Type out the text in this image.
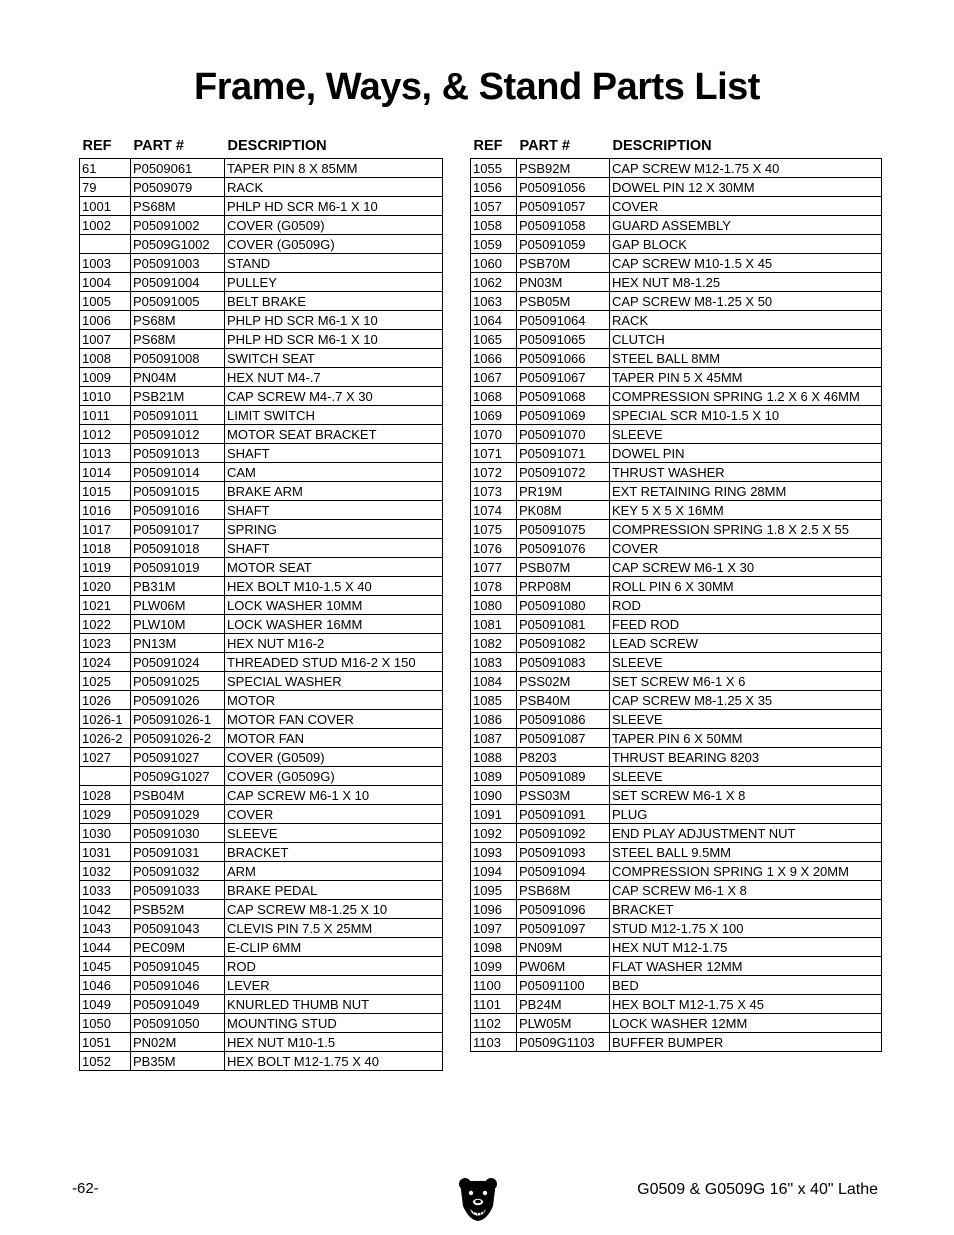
Frame, Ways, & Stand Parts List
REF	PART #	DESCRIPTION
61	P0509061	TAPER PIN 8 X 85MM
79	P0509079	RACK
1001	PS68M	PHLP HD SCR M6-1 X 10
1002	P05091002	COVER (G0509)
	P0509G1002	COVER (G0509G)
1003	P05091003	STAND
1004	P05091004	PULLEY
1005	P05091005	BELT BRAKE
1006	PS68M	PHLP HD SCR M6-1 X 10
1007	PS68M	PHLP HD SCR M6-1 X 10
1008	P05091008	SWITCH SEAT
1009	PN04M	HEX NUT M4-.7
1010	PSB21M	CAP SCREW M4-.7 X 30
1011	P05091011	LIMIT SWITCH
1012	P05091012	MOTOR SEAT BRACKET
1013	P05091013	SHAFT
1014	P05091014	CAM
1015	P05091015	BRAKE ARM
1016	P05091016	SHAFT
1017	P05091017	SPRING
1018	P05091018	SHAFT
1019	P05091019	MOTOR SEAT
1020	PB31M	HEX BOLT M10-1.5 X 40
1021	PLW06M	LOCK WASHER 10MM
1022	PLW10M	LOCK WASHER 16MM
1023	PN13M	HEX NUT M16-2
1024	P05091024	THREADED STUD M16-2 X 150
1025	P05091025	SPECIAL WASHER
1026	P05091026	MOTOR
1026-1	P05091026-1	MOTOR FAN COVER
1026-2	P05091026-2	MOTOR FAN
1027	P05091027	COVER (G0509)
	P0509G1027	COVER (G0509G)
1028	PSB04M	CAP SCREW M6-1 X 10
1029	P05091029	COVER
1030	P05091030	SLEEVE
1031	P05091031	BRACKET
1032	P05091032	ARM
1033	P05091033	BRAKE PEDAL
1042	PSB52M	CAP SCREW M8-1.25 X 10
1043	P05091043	CLEVIS PIN 7.5 X 25MM
1044	PEC09M	E-CLIP 6MM
1045	P05091045	ROD
1046	P05091046	LEVER
1049	P05091049	KNURLED THUMB NUT
1050	P05091050	MOUNTING STUD
1051	PN02M	HEX NUT M10-1.5
1052	PB35M	HEX BOLT M12-1.75 X 40
REF	PART #	DESCRIPTION
1055	PSB92M	CAP SCREW M12-1.75 X 40
1056	P05091056	DOWEL PIN 12 X 30MM
1057	P05091057	COVER
1058	P05091058	GUARD ASSEMBLY
1059	P05091059	GAP BLOCK
1060	PSB70M	CAP SCREW M10-1.5 X 45
1062	PN03M	HEX NUT M8-1.25
1063	PSB05M	CAP SCREW M8-1.25 X 50
1064	P05091064	RACK
1065	P05091065	CLUTCH
1066	P05091066	STEEL BALL 8MM
1067	P05091067	TAPER PIN 5 X 45MM
1068	P05091068	COMPRESSION SPRING 1.2 X 6 X 46MM
1069	P05091069	SPECIAL SCR M10-1.5 X 10
1070	P05091070	SLEEVE
1071	P05091071	DOWEL PIN
1072	P05091072	THRUST WASHER
1073	PR19M	EXT RETAINING RING 28MM
1074	PK08M	KEY 5 X 5 X 16MM
1075	P05091075	COMPRESSION SPRING 1.8 X 2.5 X 55
1076	P05091076	COVER
1077	PSB07M	CAP SCREW M6-1 X 30
1078	PRP08M	ROLL PIN 6 X 30MM
1080	P05091080	ROD
1081	P05091081	FEED ROD
1082	P05091082	LEAD SCREW
1083	P05091083	SLEEVE
1084	PSS02M	SET SCREW M6-1 X 6
1085	PSB40M	CAP SCREW M8-1.25 X 35
1086	P05091086	SLEEVE
1087	P05091087	TAPER PIN 6 X 50MM
1088	P8203	THRUST BEARING 8203
1089	P05091089	SLEEVE
1090	PSS03M	SET SCREW M6-1 X 8
1091	P05091091	PLUG
1092	P05091092	END PLAY ADJUSTMENT NUT
1093	P05091093	STEEL BALL 9.5MM
1094	P05091094	COMPRESSION SPRING 1 X 9 X 20MM
1095	PSB68M	CAP SCREW M6-1 X 8
1096	P05091096	BRACKET
1097	P05091097	STUD M12-1.75 X 100
1098	PN09M	HEX NUT M12-1.75
1099	PW06M	FLAT WASHER 12MM
1100	P05091100	BED
1101	PB24M	HEX BOLT M12-1.75 X 45
1102	PLW05M	LOCK WASHER 12MM
1103	P0509G1103	BUFFER BUMPER
-62-	G0509 & G0509G 16" x 40" Lathe
